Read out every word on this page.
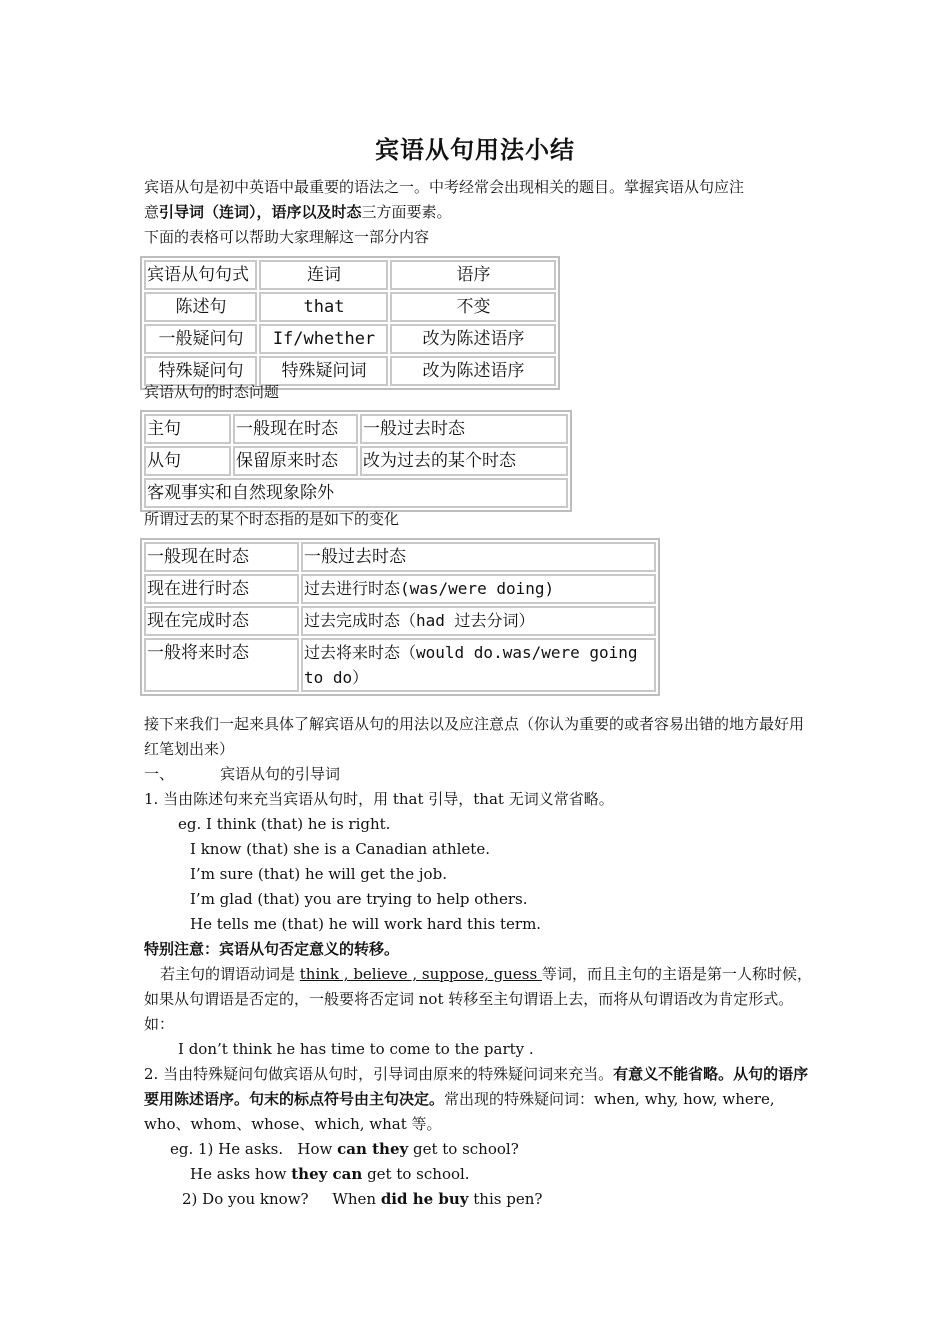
宾语从句用法小结

宾语从句是初中英语中最重要的语法之一。中考经常会出现相关的题目。掌握宾语从句应注
意引导词（连词），语序以及时态三方面要素。
下面的表格可以帮助大家理解这一部分内容

宾语从句句式	连词	语序
陈述句	that	不变
一般疑问句	If/whether	改为陈述语序
特殊疑问句	特殊疑问词	改为陈述语序

宾语从句的时态问题

主句	一般现在时态	一般过去时态
从句	保留原来时态	改为过去的某个时态
客观事实和自然现象除外		

所谓过去的某个时态指的是如下的变化

一般现在时态	一般过去时态
现在进行时态	过去进行时态(was/were doing)
现在完成时态	过去完成时态（had 过去分词）
一般将来时态	过去将来时态（would do.was/were going to do）

接下来我们一起来具体了解宾语从句的用法以及应注意点（你认为重要的或者容易出错的地方最好用红笔划出来）

一、	宾语从句的引导词

1. 当由陈述句来充当宾语从句时，用 that 引导，that 无词义常省略。

eg. I think (that) he is right.

I know (that) she is a Canadian athlete.

I’m sure (that) he will get the job.

I’m glad (that) you are trying to help others.

He tells me (that) he will work hard this term.

特别注意：宾语从句否定意义的转移。

若主句的谓语动词是 think , believe , suppose, guess 等词，而且主句的主语是第一人称时候，如果从句谓语是否定的，一般要将否定词 not 转移至主句谓语上去，而将从句谓语改为肯定形式。如：

I don’t think he has time to come to the party .

2. 当由特殊疑问句做宾语从句时，引导词由原来的特殊疑问词来充当。有意义不能省略。从句的语序要用陈述语序。句末的标点符号由主句决定。常出现的特殊疑问词：when, why, how, where, who、whom、whose、which, what 等。

eg. 1) He asks.   How can they get to school?

He asks how they can get to school.

2) Do you know?     When did he buy this pen?
